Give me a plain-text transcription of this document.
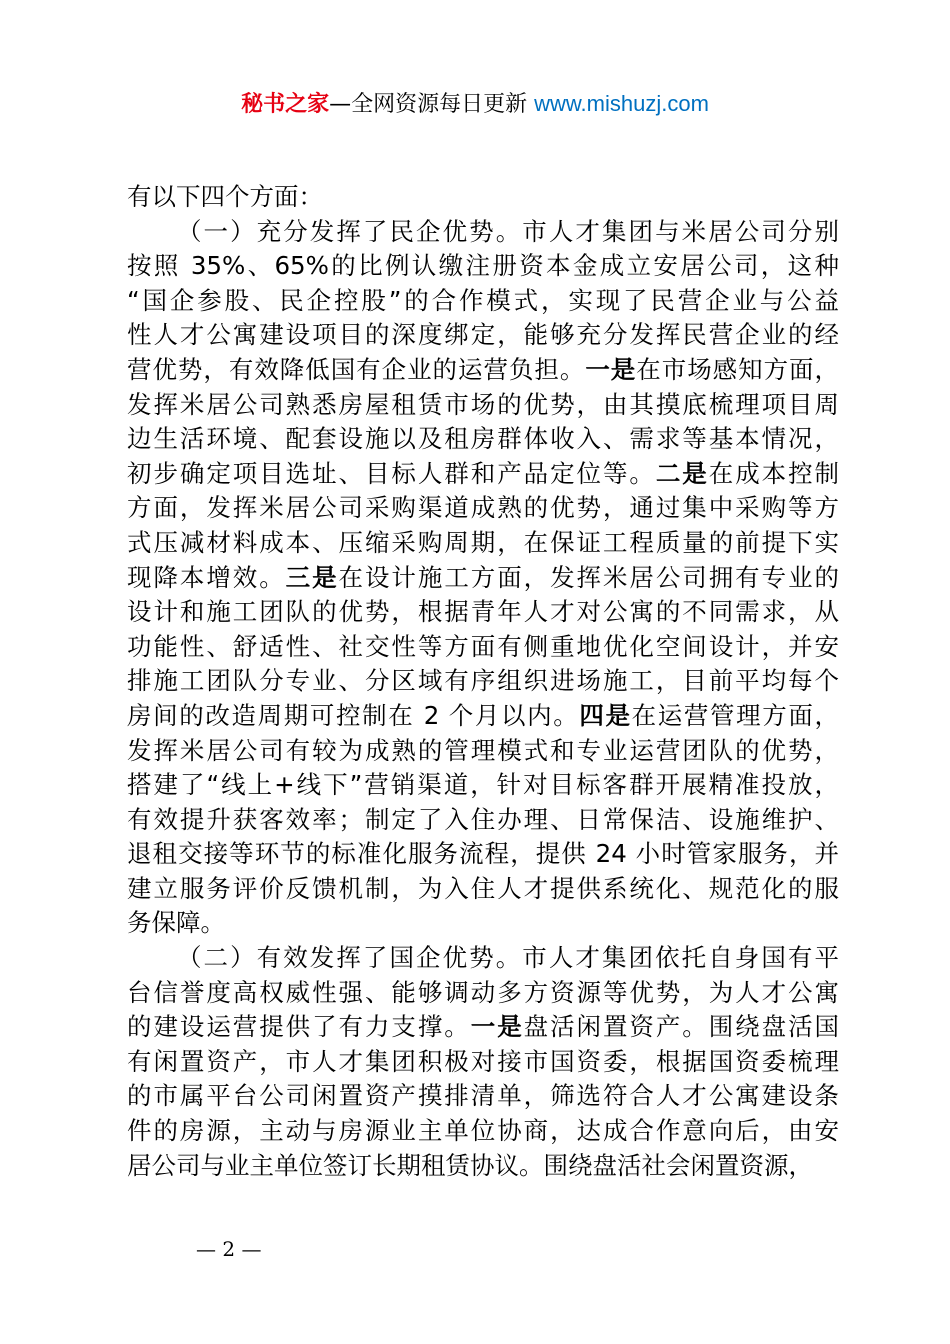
秘书之家—全网资源每日更新 www.mishuzj.com
有以下四个方面：
（一）充分发挥了民企优势。市人才集团与米居公司分别
按照 35%、65%的比例认缴注册资本金成立安居公司，这种
“国企参股、民企控股”的合作模式，实现了民营企业与公益
性人才公寓建设项目的深度绑定，能够充分发挥民营企业的经
营优势，有效降低国有企业的运营负担。一是在市场感知方面，
发挥米居公司熟悉房屋租赁市场的优势，由其摸底梳理项目周
边生活环境、配套设施以及租房群体收入、需求等基本情况，
初步确定项目选址、目标人群和产品定位等。二是在成本控制
方面，发挥米居公司采购渠道成熟的优势，通过集中采购等方
式压减材料成本、压缩采购周期，在保证工程质量的前提下实
现降本增效。三是在设计施工方面，发挥米居公司拥有专业的
设计和施工团队的优势，根据青年人才对公寓的不同需求，从
功能性、舒适性、社交性等方面有侧重地优化空间设计，并安
排施工团队分专业、分区域有序组织进场施工，目前平均每个
房间的改造周期可控制在 2 个月以内。四是在运营管理方面，
发挥米居公司有较为成熟的管理模式和专业运营团队的优势，
搭建了“线上+线下”营销渠道，针对目标客群开展精准投放，
有效提升获客效率；制定了入住办理、日常保洁、设施维护、
退租交接等环节的标准化服务流程，提供 24 小时管家服务，并
建立服务评价反馈机制，为入住人才提供系统化、规范化的服
务保障。
（二）有效发挥了国企优势。市人才集团依托自身国有平
台信誉度高权威性强、能够调动多方资源等优势，为人才公寓
的建设运营提供了有力支撑。一是盘活闲置资产。围绕盘活国
有闲置资产，市人才集团积极对接市国资委，根据国资委梳理
的市属平台公司闲置资产摸排清单，筛选符合人才公寓建设条
件的房源，主动与房源业主单位协商，达成合作意向后，由安
居公司与业主单位签订长期租赁协议。围绕盘活社会闲置资源，
— 2 —
